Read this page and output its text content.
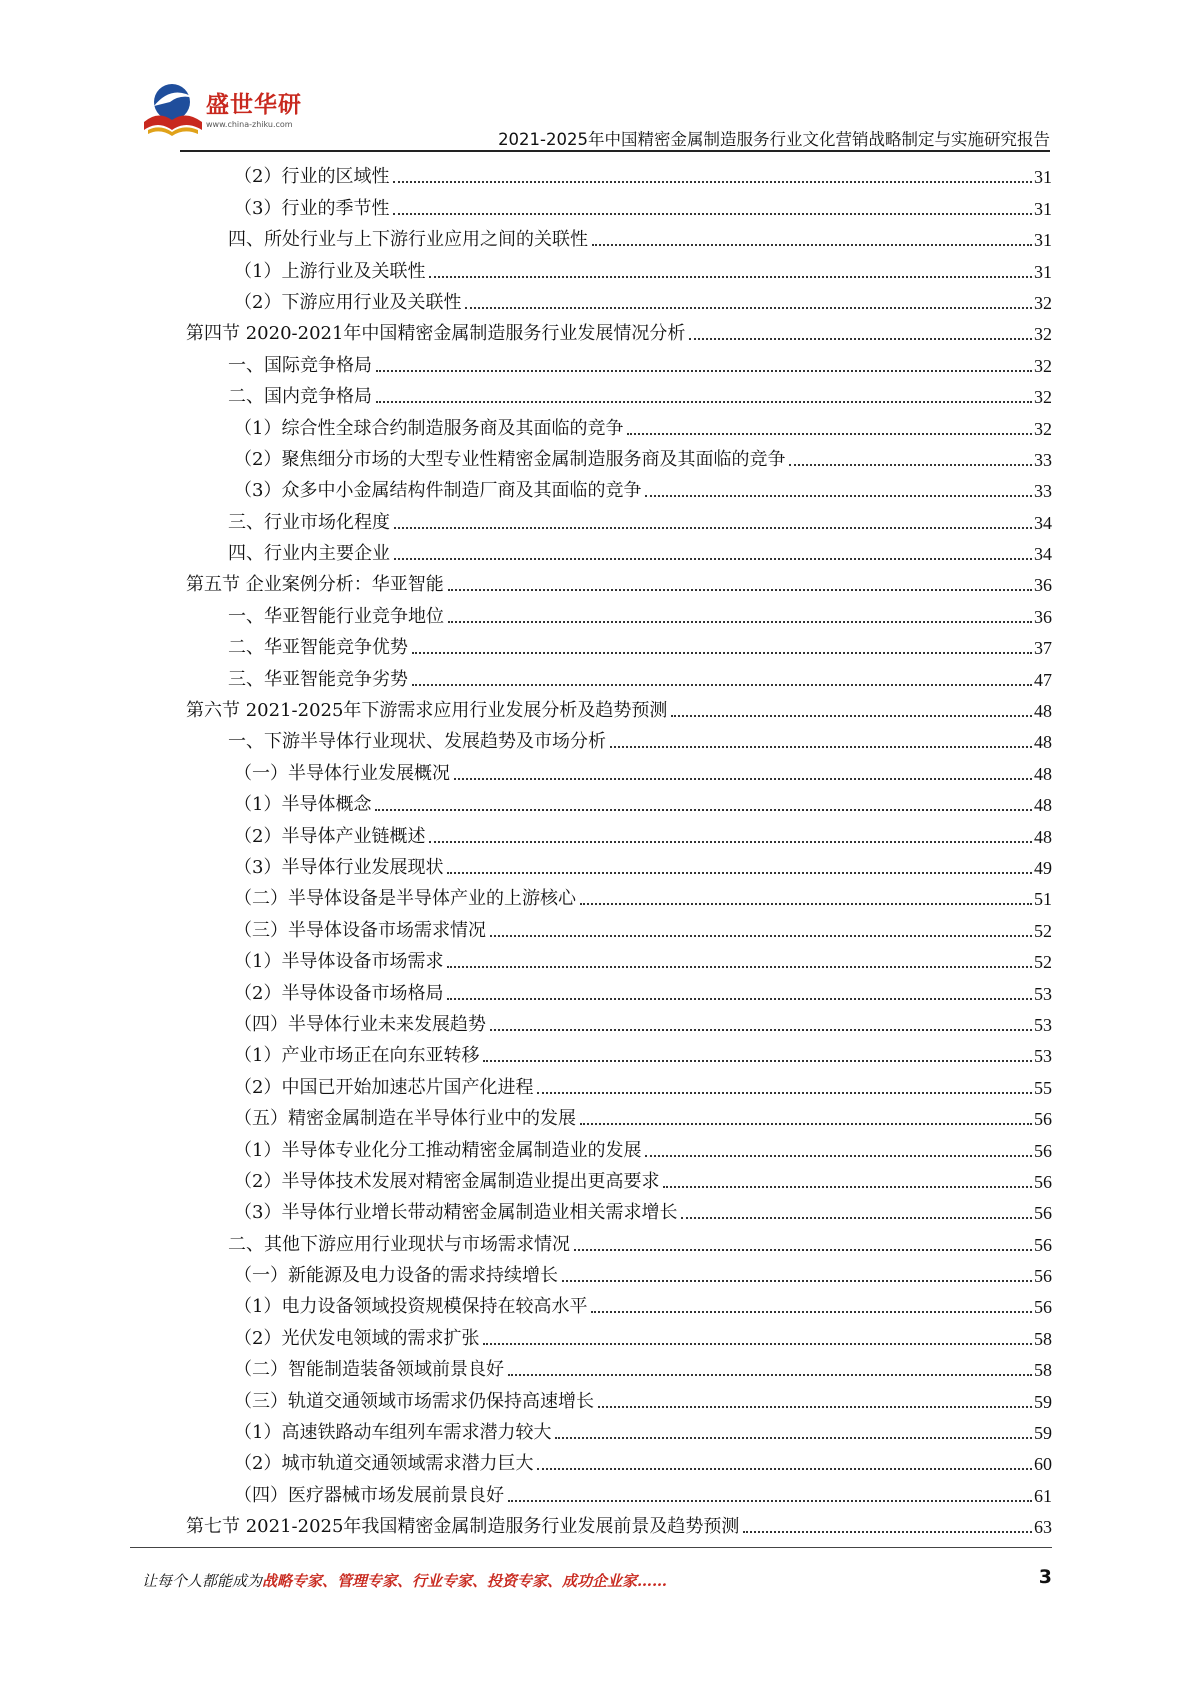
盛世华研
www.china-zhiku.com
2021-2025年中国精密金属制造服务行业文化营销战略制定与实施研究报告
（2）行业的区域性	31
（3）行业的季节性	31
四、所处行业与上下游行业应用之间的关联性	31
（1）上游行业及关联性	31
（2）下游应用行业及关联性	32
第四节 2020-2021年中国精密金属制造服务行业发展情况分析	32
一、国际竞争格局	32
二、国内竞争格局	32
（1）综合性全球合约制造服务商及其面临的竞争	32
（2）聚焦细分市场的大型专业性精密金属制造服务商及其面临的竞争	33
（3）众多中小金属结构件制造厂商及其面临的竞争	33
三、行业市场化程度	34
四、行业内主要企业	34
第五节 企业案例分析：华亚智能	36
一、华亚智能行业竞争地位	36
二、华亚智能竞争优势	37
三、华亚智能竞争劣势	47
第六节 2021-2025年下游需求应用行业发展分析及趋势预测	48
一、下游半导体行业现状、发展趋势及市场分析	48
（一）半导体行业发展概况	48
（1）半导体概念	48
（2）半导体产业链概述	48
（3）半导体行业发展现状	49
（二）半导体设备是半导体产业的上游核心	51
（三）半导体设备市场需求情况	52
（1）半导体设备市场需求	52
（2）半导体设备市场格局	53
（四）半导体行业未来发展趋势	53
（1）产业市场正在向东亚转移	53
（2）中国已开始加速芯片国产化进程	55
（五）精密金属制造在半导体行业中的发展	56
（1）半导体专业化分工推动精密金属制造业的发展	56
（2）半导体技术发展对精密金属制造业提出更高要求	56
（3）半导体行业增长带动精密金属制造业相关需求增长	56
二、其他下游应用行业现状与市场需求情况	56
（一）新能源及电力设备的需求持续增长	56
（1）电力设备领域投资规模保持在较高水平	56
（2）光伏发电领域的需求扩张	58
（二）智能制造装备领域前景良好	58
（三）轨道交通领域市场需求仍保持高速增长	59
（1）高速铁路动车组列车需求潜力较大	59
（2）城市轨道交通领域需求潜力巨大	60
（四）医疗器械市场发展前景良好	61
第七节 2021-2025年我国精密金属制造服务行业发展前景及趋势预测	63
让每个人都能成为战略专家、管理专家、行业专家、投资专家、成功企业家……	3
